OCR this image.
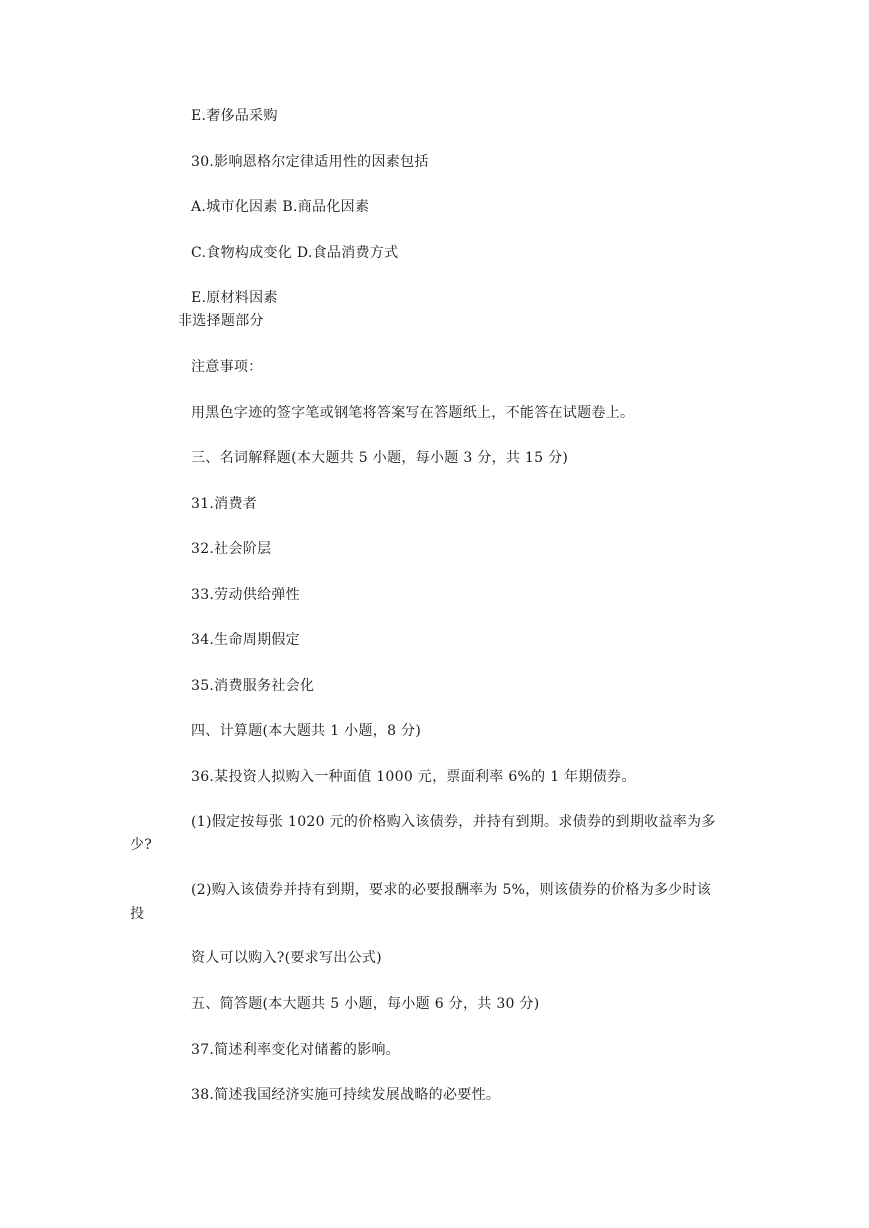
E.奢侈品采购
30.影响恩格尔定律适用性的因素包括
A.城市化因素 B.商品化因素
C.食物构成变化 D.食品消费方式
E.原材料因素
非选择题部分
注意事项：
用黑色字迹的签字笔或钢笔将答案写在答题纸上，不能答在试题卷上。
三、名词解释题(本大题共 5 小题，每小题 3 分，共 15 分)
31.消费者
32.社会阶层
33.劳动供给弹性
34.生命周期假定
35.消费服务社会化
四、计算题(本大题共 1 小题，8 分)
36.某投资人拟购入一种面值 1000 元，票面利率 6%的 1 年期债券。
(1)假定按每张 1020 元的价格购入该债券，并持有到期。求债券的到期收益率为多
少?
(2)购入该债券并持有到期，要求的必要报酬率为 5%，则该债券的价格为多少时该
投
资人可以购入?(要求写出公式)
五、简答题(本大题共 5 小题，每小题 6 分，共 30 分)
37.简述利率变化对储蓄的影响。
38.简述我国经济实施可持续发展战略的必要性。
